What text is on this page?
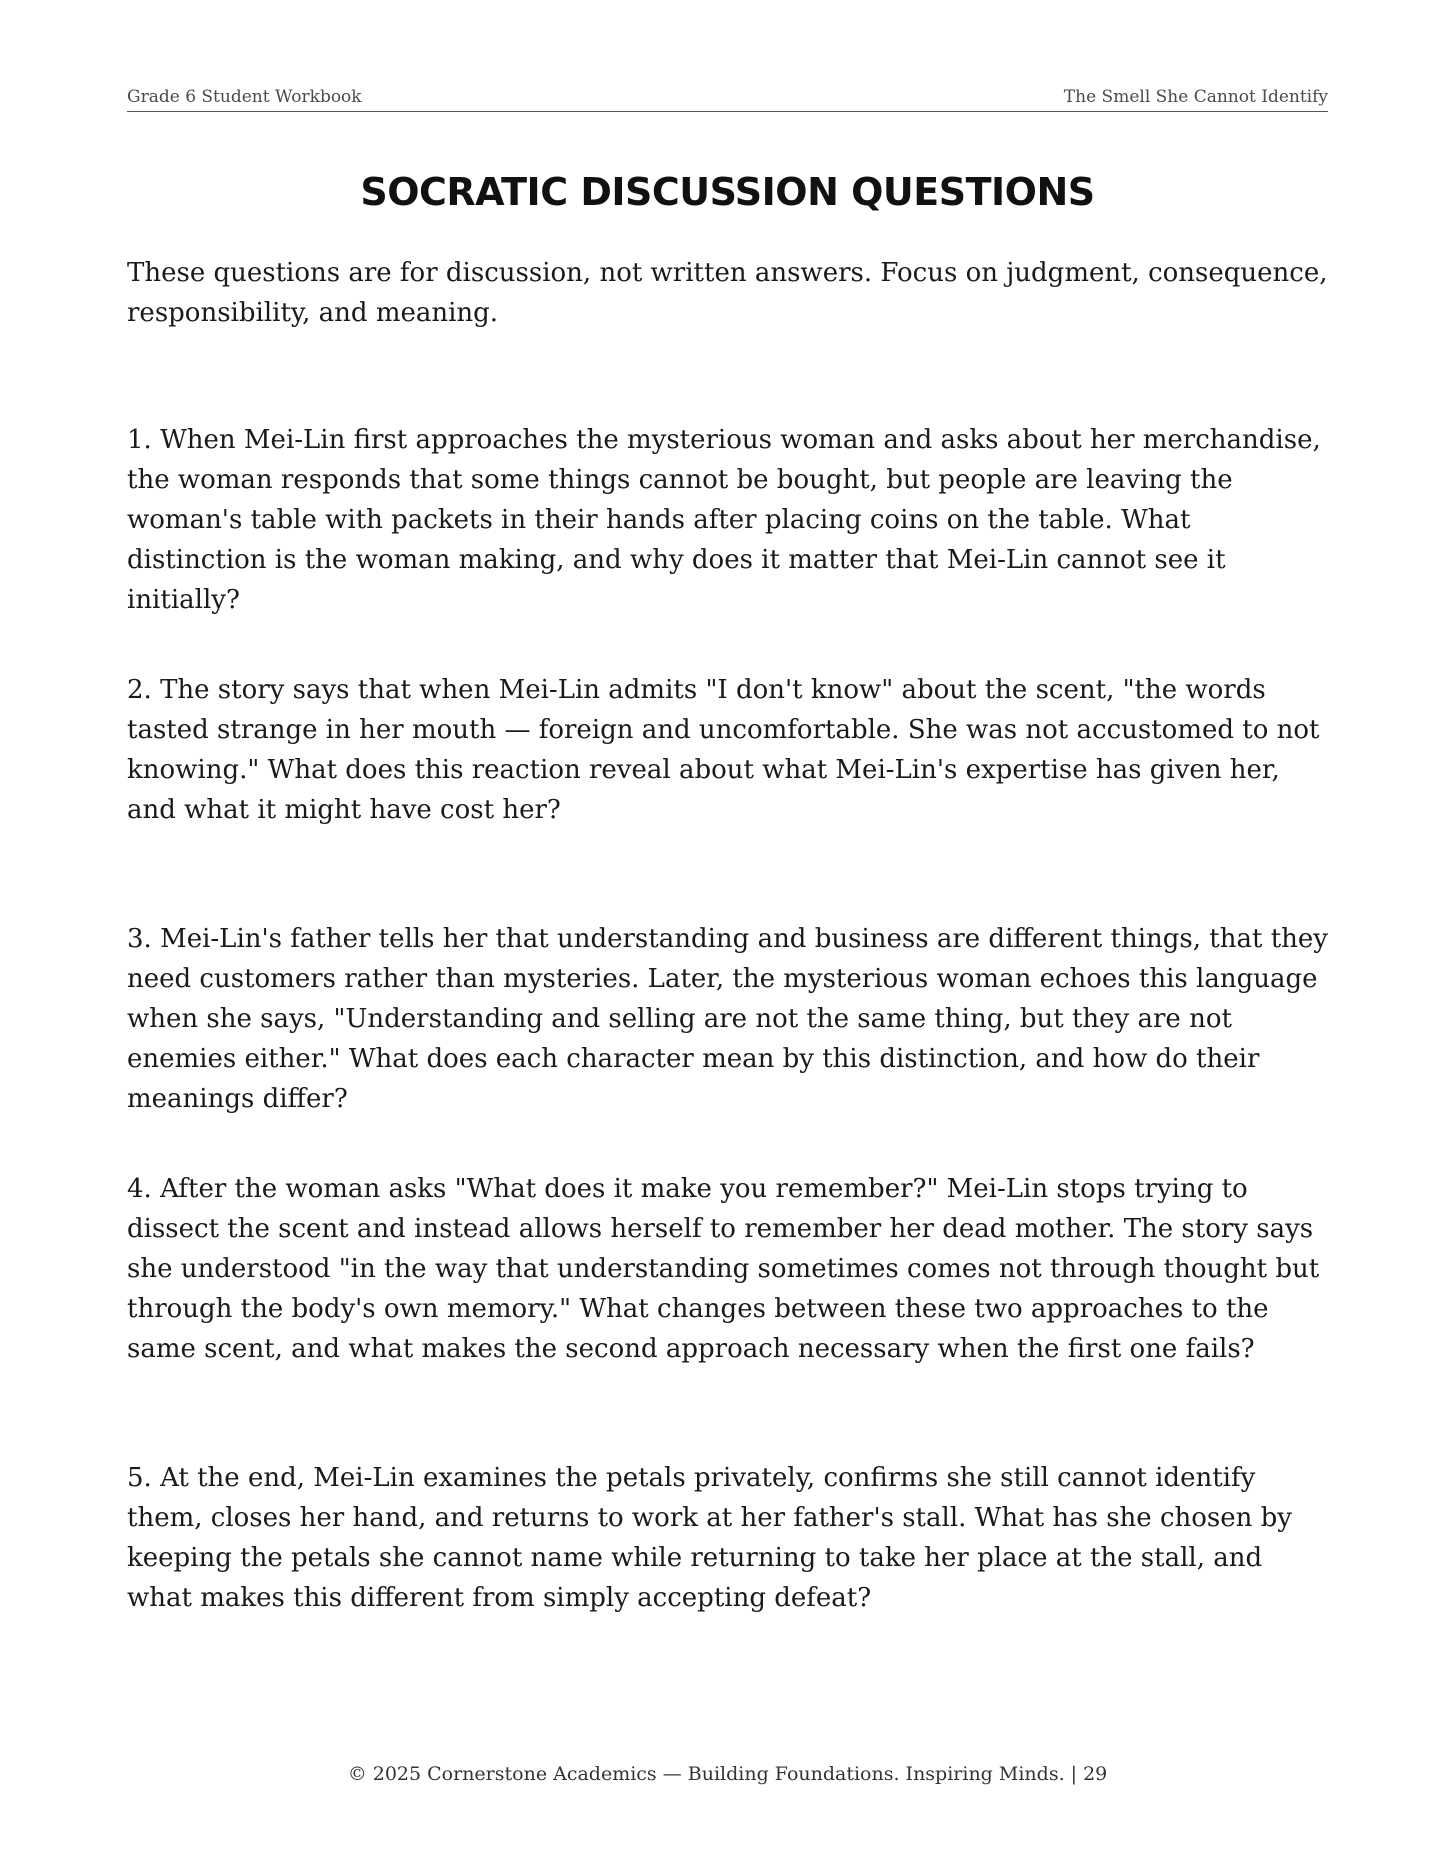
Grade 6 Student Workbook	The Smell She Cannot Identify
SOCRATIC DISCUSSION QUESTIONS

These questions are for discussion, not written answers. Focus on judgment, consequence, responsibility, and meaning.

1. When Mei-Lin first approaches the mysterious woman and asks about her merchandise, the woman responds that some things cannot be bought, but people are leaving the woman's table with packets in their hands after placing coins on the table. What distinction is the woman making, and why does it matter that Mei-Lin cannot see it initially?

2. The story says that when Mei-Lin admits "I don't know" about the scent, "the words tasted strange in her mouth — foreign and uncomfortable. She was not accustomed to not knowing." What does this reaction reveal about what Mei-Lin's expertise has given her, and what it might have cost her?

3. Mei-Lin's father tells her that understanding and business are different things, that they need customers rather than mysteries. Later, the mysterious woman echoes this language when she says, "Understanding and selling are not the same thing, but they are not enemies either." What does each character mean by this distinction, and how do their meanings differ?

4. After the woman asks "What does it make you remember?" Mei-Lin stops trying to dissect the scent and instead allows herself to remember her dead mother. The story says she understood "in the way that understanding sometimes comes not through thought but through the body's own memory." What changes between these two approaches to the same scent, and what makes the second approach necessary when the first one fails?

5. At the end, Mei-Lin examines the petals privately, confirms she still cannot identify them, closes her hand, and returns to work at her father's stall. What has she chosen by keeping the petals she cannot name while returning to take her place at the stall, and what makes this different from simply accepting defeat?

© 2025 Cornerstone Academics — Building Foundations. Inspiring Minds. | 29
